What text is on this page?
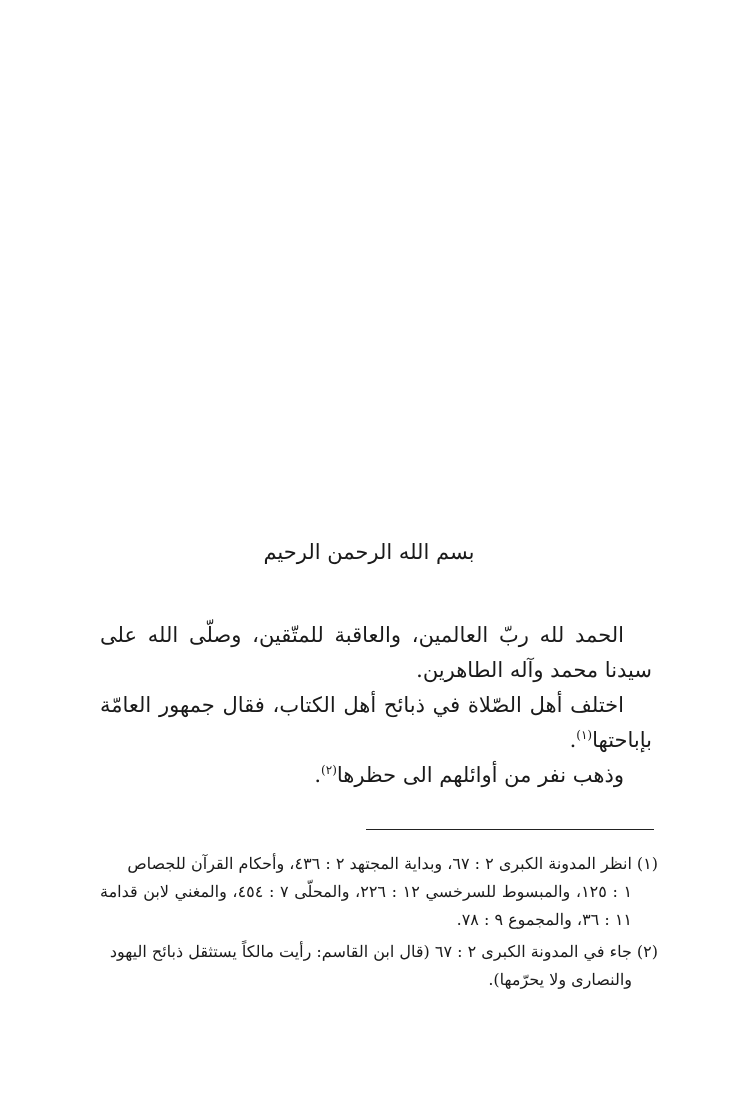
بسم الله الرحمن الرحيم

الحمد لله ربّ العالمين، والعاقبة للمتّقين، وصلّى الله على سيدنا محمد وآله الطاهرين.

اختلف أهل الصّلاة في ذبائح أهل الكتاب، فقال جمهور العامّة بإباحتها$^{(١)}$.

وذهب نفر من أوائلهم الى حظرها$^{(٢)}$.

(١)انظر المدونة الكبرى ٢ : ٦٧، وبداية المجتهد ٢ : ٤٣٦، وأحكام القرآن للجصاص
١ : ١٢٥، والمبسوط للسرخسي ١٢ : ٢٢٦، والمحلّى ٧ : ٤٥٤، والمغني لابن قدامة ١١ : ٣٦، والمجموع ٩ : ٧٨.

(٢)جاء في المدونة الكبرى ٢ : ٦٧ (قال ابن القاسم: رأيت مالكاً يستثقل ذبائح اليهود
والنصارى ولا يحرّمها).
